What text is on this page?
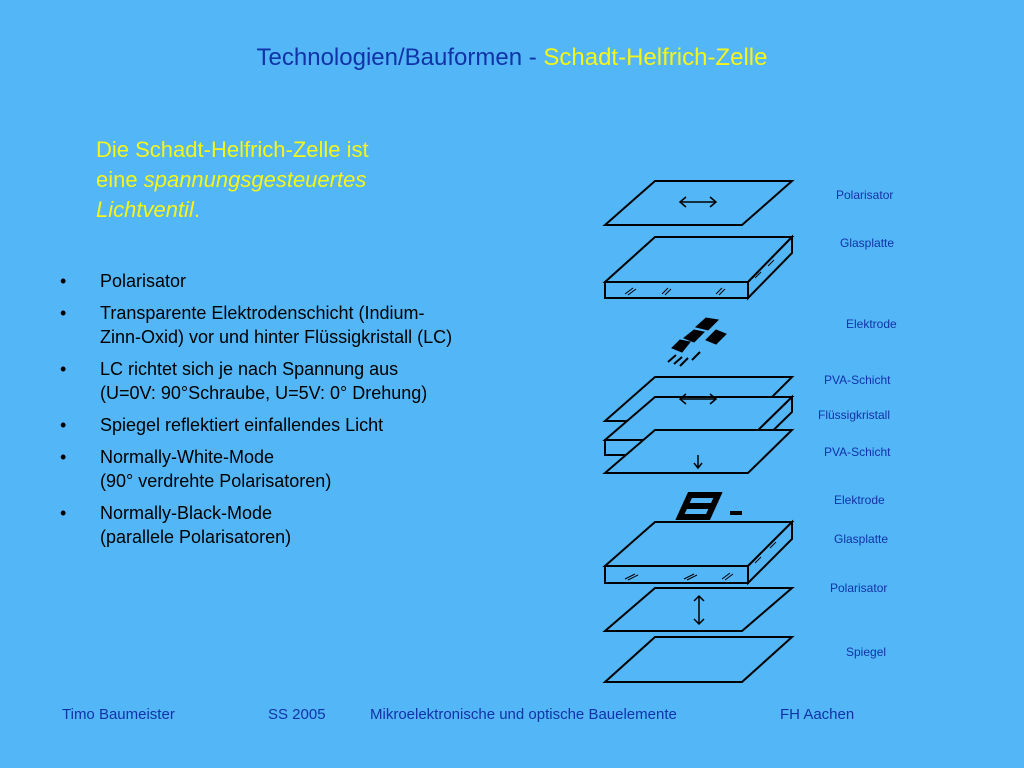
Technologien/Bauformen - Schadt-Helfrich-Zelle
Die Schadt-Helfrich-Zelle ist
eine spannungsgesteuertes
Lichtventil.
• Polarisator
• Transparente Elektrodenschicht (Indium-
Zinn-Oxid) vor und hinter Flüssigkristall (LC)
• LC richtet sich je nach Spannung aus
(U=0V: 90°Schraube, U=5V: 0° Drehung)
• Spiegel reflektiert einfallendes Licht
• Normally-White-Mode
(90° verdrehte Polarisatoren)
• Normally-Black-Mode
(parallele Polarisatoren)
Polarisator
Glasplatte
Elektrode
PVA-Schicht
Flüssigkristall
PVA-Schicht
Elektrode
Glasplatte
Polarisator
Spiegel
Timo Baumeister	SS 2005	Mikroelektronische und optische Bauelemente	FH Aachen
